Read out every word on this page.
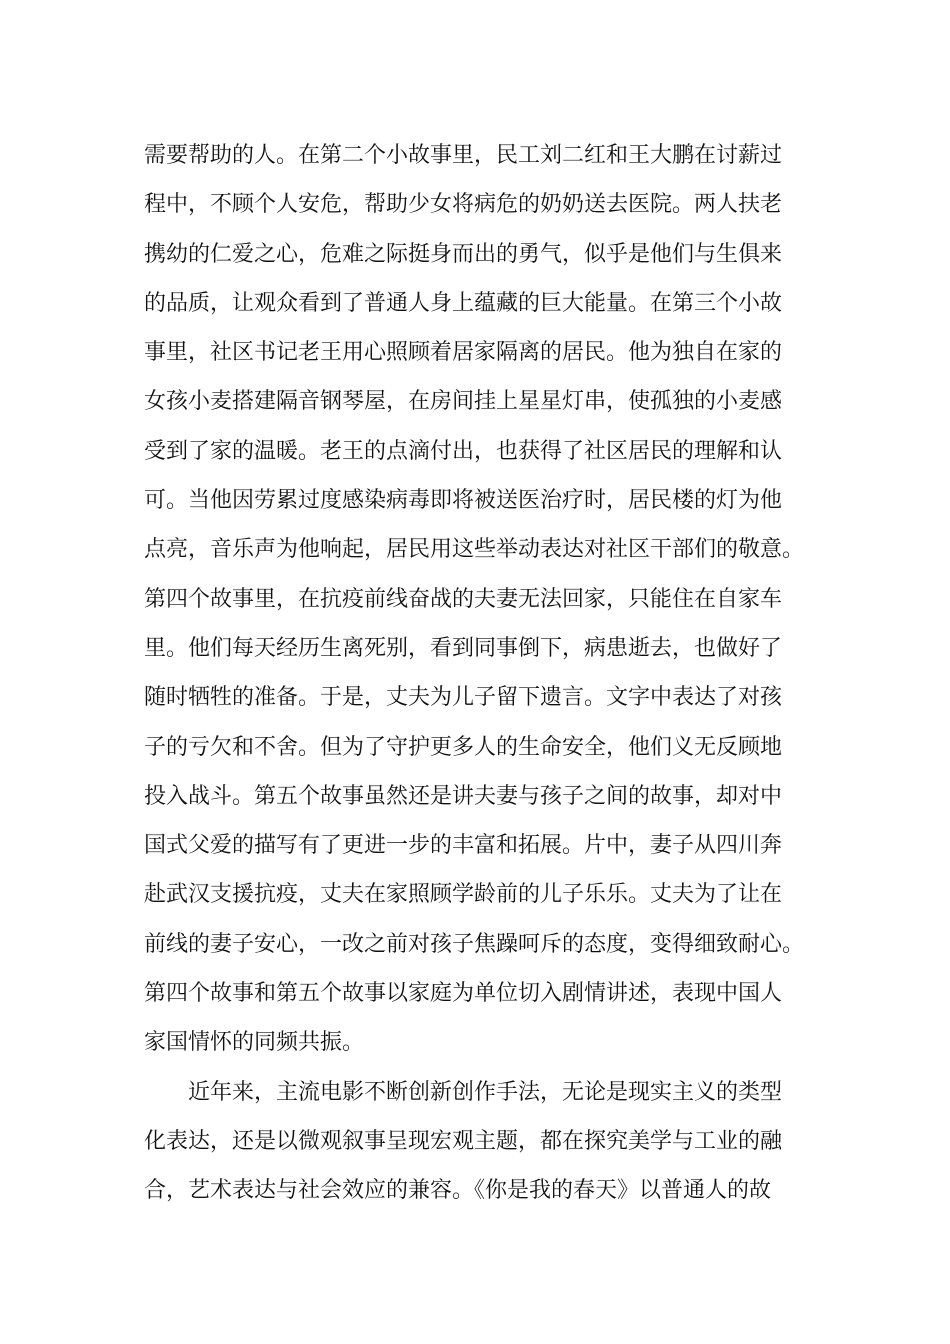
需要帮助的人。在第二个小故事里，民工刘二红和王大鹏在讨薪过
程中，不顾个人安危，帮助少女将病危的奶奶送去医院。两人扶老
携幼的仁爱之心，危难之际挺身而出的勇气，似乎是他们与生俱来
的品质，让观众看到了普通人身上蕴藏的巨大能量。在第三个小故
事里，社区书记老王用心照顾着居家隔离的居民。他为独自在家的
女孩小麦搭建隔音钢琴屋，在房间挂上星星灯串，使孤独的小麦感
受到了家的温暖。老王的点滴付出，也获得了社区居民的理解和认
可。当他因劳累过度感染病毒即将被送医治疗时，居民楼的灯为他
点亮，音乐声为他响起，居民用这些举动表达对社区干部们的敬意。
第四个故事里，在抗疫前线奋战的夫妻无法回家，只能住在自家车
里。他们每天经历生离死别，看到同事倒下，病患逝去，也做好了
随时牺牲的准备。于是，丈夫为儿子留下遗言。文字中表达了对孩
子的亏欠和不舍。但为了守护更多人的生命安全，他们义无反顾地
投入战斗。第五个故事虽然还是讲夫妻与孩子之间的故事，却对中
国式父爱的描写有了更进一步的丰富和拓展。片中，妻子从四川奔
赴武汉支援抗疫，丈夫在家照顾学龄前的儿子乐乐。丈夫为了让在
前线的妻子安心，一改之前对孩子焦躁呵斥的态度，变得细致耐心。
第四个故事和第五个故事以家庭为单位切入剧情讲述，表现中国人
家国情怀的同频共振。
近年来，主流电影不断创新创作手法，无论是现实主义的类型
化表达，还是以微观叙事呈现宏观主题，都在探究美学与工业的融
合，艺术表达与社会效应的兼容。《你是我的春天》以普通人的故
